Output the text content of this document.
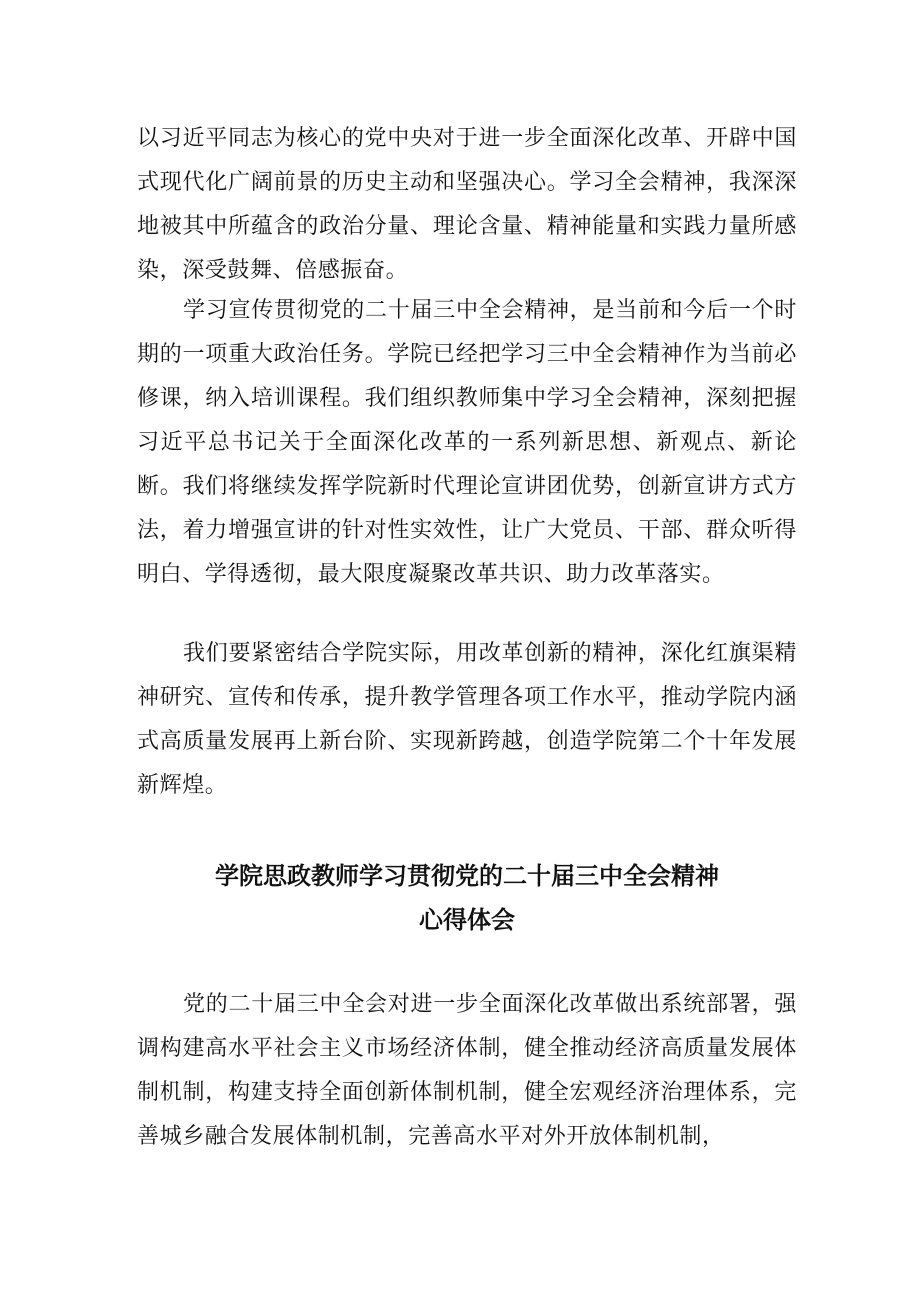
以习近平同志为核心的党中央对于进一步全面深化改革、开辟中国式现代化广阔前景的历史主动和坚强决心。学习全会精神，我深深地被其中所蕴含的政治分量、理论含量、精神能量和实践力量所感染，深受鼓舞、倍感振奋。

学习宣传贯彻党的二十届三中全会精神，是当前和今后一个时期的一项重大政治任务。学院已经把学习三中全会精神作为当前必修课，纳入培训课程。我们组织教师集中学习全会精神，深刻把握习近平总书记关于全面深化改革的一系列新思想、新观点、新论断。我们将继续发挥学院新时代理论宣讲团优势，创新宣讲方式方法，着力增强宣讲的针对性实效性，让广大党员、干部、群众听得明白、学得透彻，最大限度凝聚改革共识、助力改革落实。

我们要紧密结合学院实际，用改革创新的精神，深化红旗渠精神研究、宣传和传承，提升教学管理各项工作水平，推动学院内涵式高质量发展再上新台阶、实现新跨越，创造学院第二个十年发展新辉煌。

学院思政教师学习贯彻党的二十届三中全会精神心得体会

党的二十届三中全会对进一步全面深化改革做出系统部署，强调构建高水平社会主义市场经济体制，健全推动经济高质量发展体制机制，构建支持全面创新体制机制，健全宏观经济治理体系，完善城乡融合发展体制机制，完善高水平对外开放体制机制，
